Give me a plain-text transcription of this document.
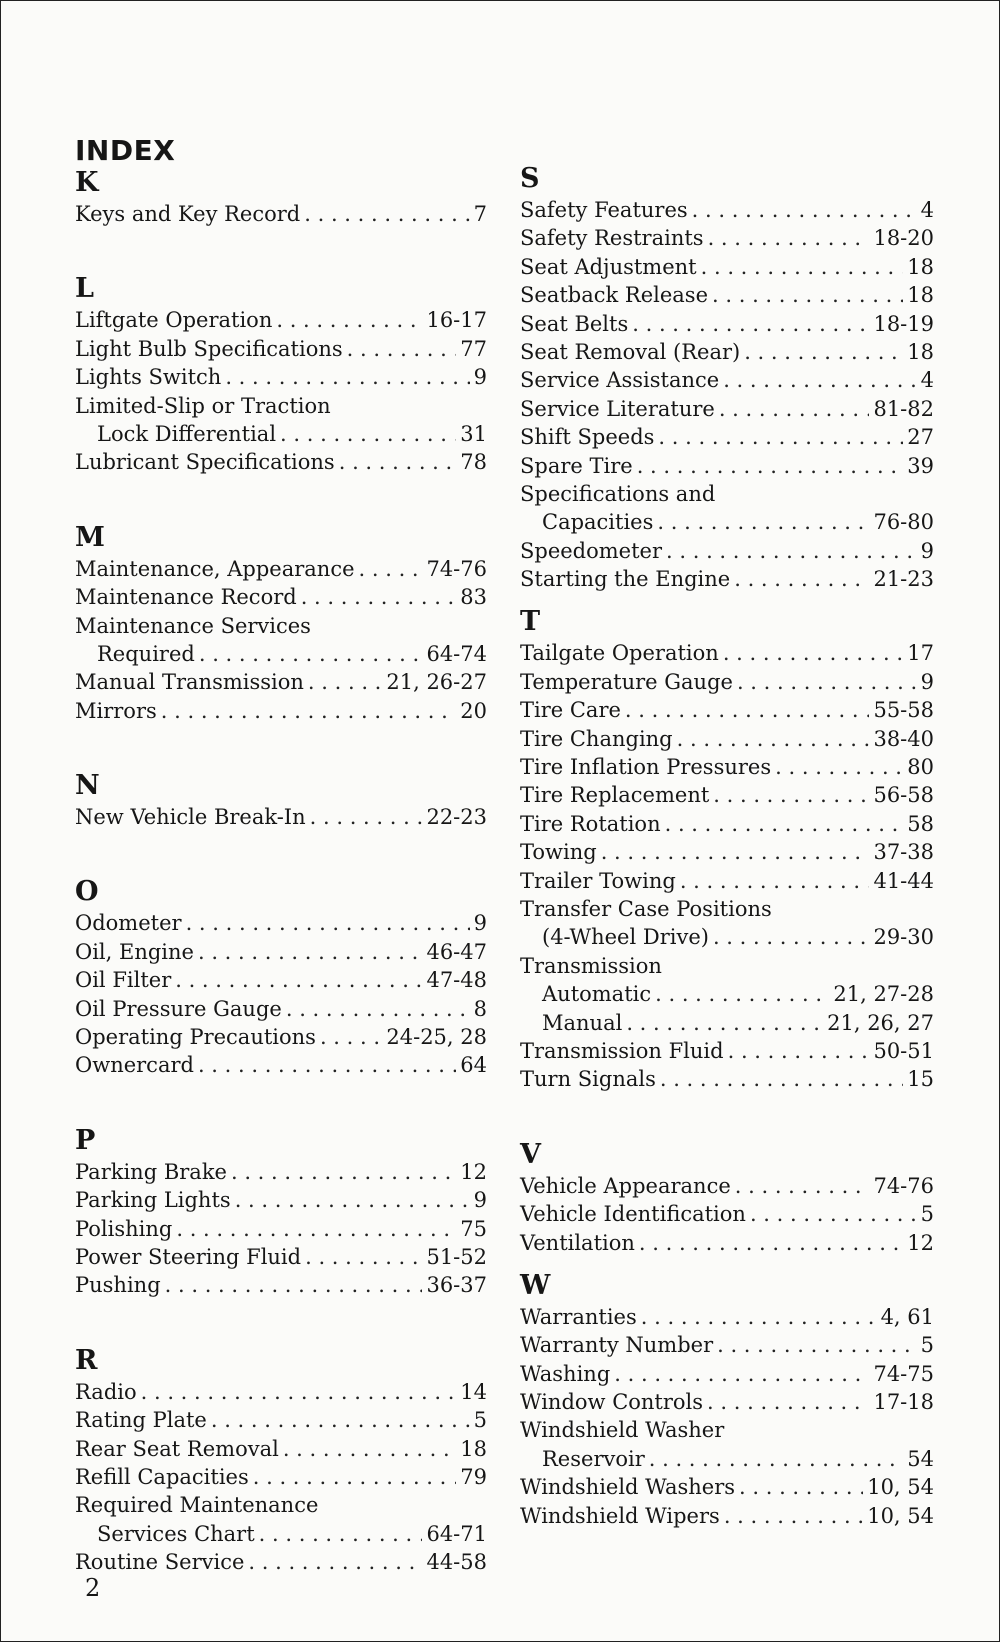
INDEX
K
Keys and Key Record . . .	7
L
Liftgate Operation . . .	16-17
Light Bulb Specifications . . .	77
Lights Switch . . .	9
Limited-Slip or Traction
Lock Differential . . .	31
Lubricant Specifications . . .	78
M
Maintenance, Appearance . . .	74-76
Maintenance Record . . .	83
Maintenance Services
Required . . .	64-74
Manual Transmission . . .	21, 26-27
Mirrors . . .	20
N
New Vehicle Break-In . . .	22-23
O
Odometer . . .	9
Oil, Engine . . .	46-47
Oil Filter . . .	47-48
Oil Pressure Gauge . . .	8
Operating Precautions . . .	24-25, 28
Ownercard . . .	64
P
Parking Brake . . .	12
Parking Lights . . .	9
Polishing . . .	75
Power Steering Fluid . . .	51-52
Pushing . . .	36-37
R
Radio . . .	14
Rating Plate . . .	5
Rear Seat Removal . . .	18
Refill Capacities . . .	79
Required Maintenance
Services Chart . . .	64-71
Routine Service . . .	44-58
S
Safety Features . . .	4
Safety Restraints . . .	18-20
Seat Adjustment . . .	18
Seatback Release . . .	18
Seat Belts . . .	18-19
Seat Removal (Rear) . . .	18
Service Assistance . . .	4
Service Literature . . .	81-82
Shift Speeds . . .	27
Spare Tire . . .	39
Specifications and
Capacities . . .	76-80
Speedometer . . .	9
Starting the Engine . . .	21-23
T
Tailgate Operation . . .	17
Temperature Gauge . . .	9
Tire Care . . .	55-58
Tire Changing . . .	38-40
Tire Inflation Pressures . . .	80
Tire Replacement . . .	56-58
Tire Rotation . . .	58
Towing . . .	37-38
Trailer Towing . . .	41-44
Transfer Case Positions
(4-Wheel Drive) . . .	29-30
Transmission
Automatic . . .	21, 27-28
Manual . . .	21, 26, 27
Transmission Fluid . . .	50-51
Turn Signals . . .	15
V
Vehicle Appearance . . .	74-76
Vehicle Identification . . .	5
Ventilation . . .	12
W
Warranties . . .	4, 61
Warranty Number . . .	5
Washing . . .	74-75
Window Controls . . .	17-18
Windshield Washer
Reservoir . . .	54
Windshield Washers . . .	10, 54
Windshield Wipers . . .	10, 54

2
